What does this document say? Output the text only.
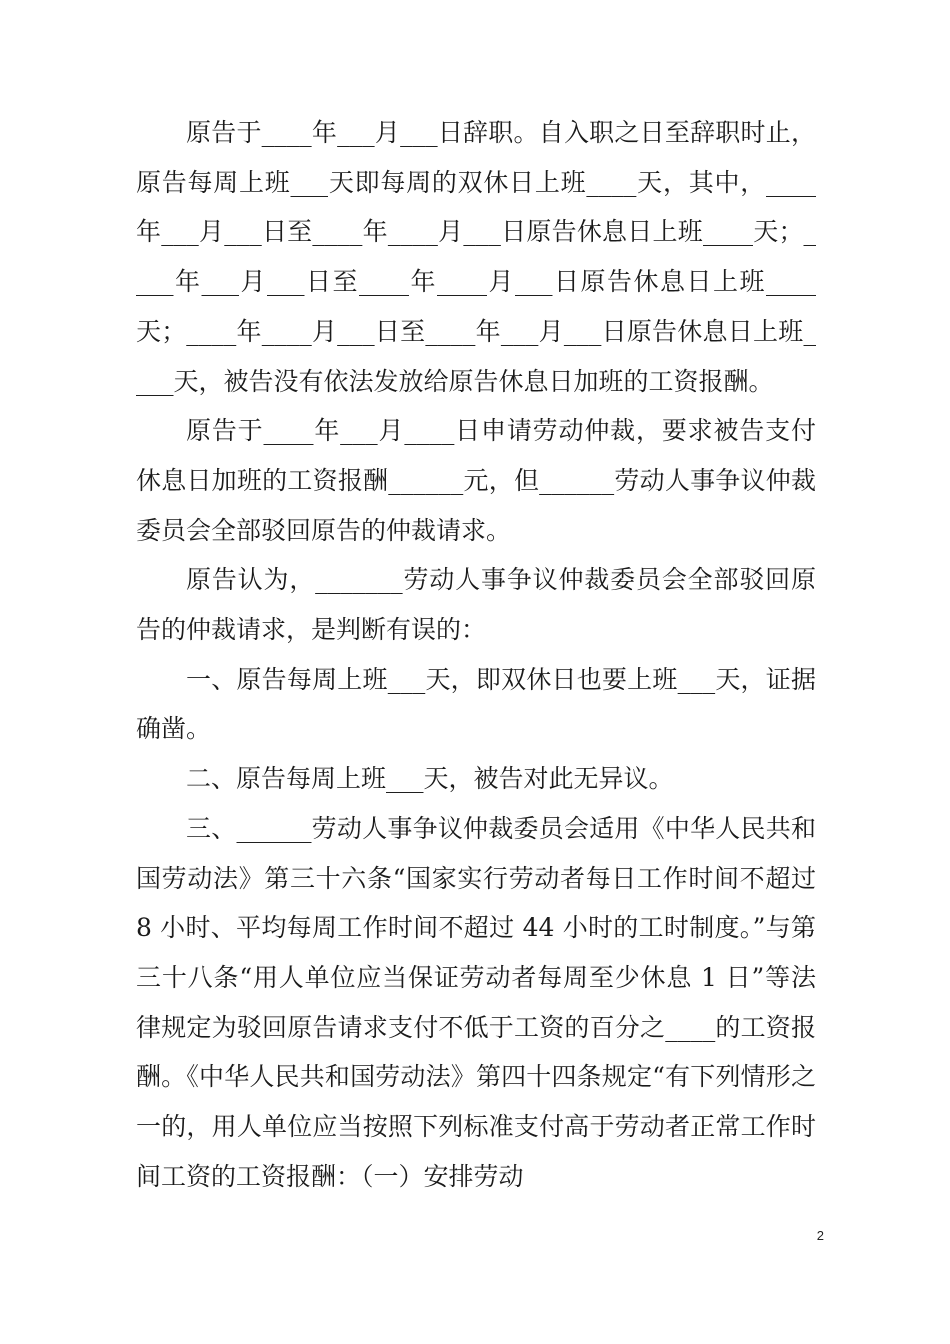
原告于____年___月___日辞职。自入职之日至辞职时止，原告每周上班___天即每周的双休日上班____天，其中，____年___月___日至____年____月___日原告休息日上班____天；____年___月___日至____年____月___日原告休息日上班____天；____年____月___日至____年___月___日原告休息日上班____天，被告没有依法发放给原告休息日加班的工资报酬。

原告于____年___月____日申请劳动仲裁，要求被告支付休息日加班的工资报酬______元，但______劳动人事争议仲裁委员会全部驳回原告的仲裁请求。

原告认为，_______劳动人事争议仲裁委员会全部驳回原告的仲裁请求，是判断有误的：

一、原告每周上班___天，即双休日也要上班___天，证据确凿。

二、原告每周上班___天，被告对此无异议。

三、______劳动人事争议仲裁委员会适用《中华人民共和国劳动法》第三十六条“国家实行劳动者每日工作时间不超过 8 小时、平均每周工作时间不超过 44 小时的工时制度。”与第三十八条“用人单位应当保证劳动者每周至少休息 1 日”等法律规定为驳回原告请求支付不低于工资的百分之____的工资报酬。《中华人民共和国劳动法》第四十四条规定“有下列情形之一的，用人单位应当按照下列标准支付高于劳动者正常工作时间工资的工资报酬：（一）安排劳动

2
